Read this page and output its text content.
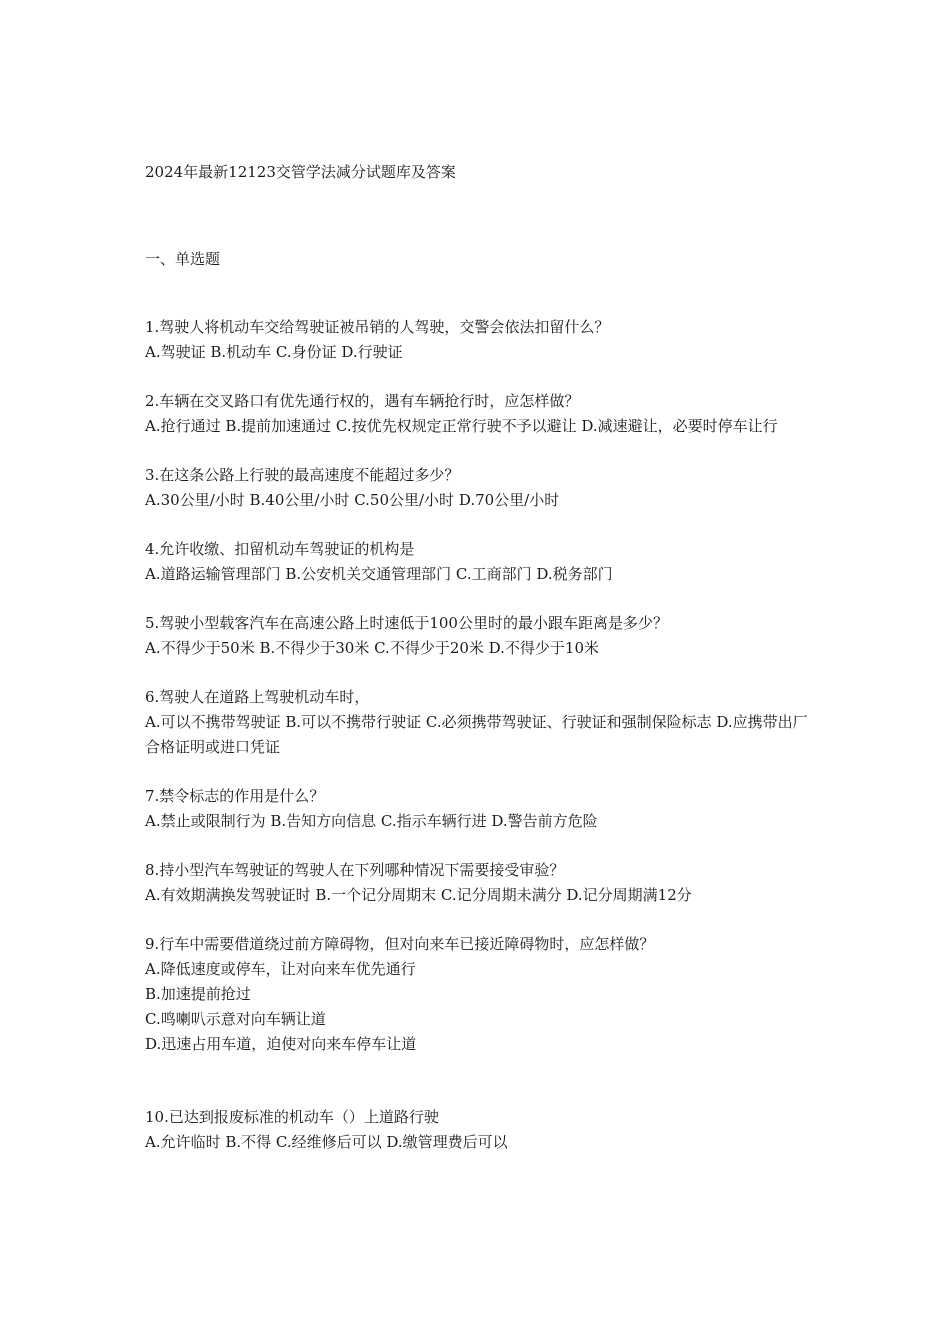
2024年最新12123交管学法减分试题库及答案
一、单选题
1.驾驶人将机动车交给驾驶证被吊销的人驾驶，交警会依法扣留什么？
A.驾驶证 B.机动车 C.身份证 D.行驶证
2.车辆在交叉路口有优先通行权的，遇有车辆抢行时，应怎样做？
A.抢行通过 B.提前加速通过 C.按优先权规定正常行驶不予以避让 D.减速避让，必要时停车让行
3.在这条公路上行驶的最高速度不能超过多少？
A.30公里/小时 B.40公里/小时 C.50公里/小时 D.70公里/小时
4.允许收缴、扣留机动车驾驶证的机构是
A.道路运输管理部门 B.公安机关交通管理部门 C.工商部门 D.税务部门
5.驾驶小型载客汽车在高速公路上时速低于100公里时的最小跟车距离是多少？
A.不得少于50米 B.不得少于30米 C.不得少于20米 D.不得少于10米
6.驾驶人在道路上驾驶机动车时，
A.可以不携带驾驶证 B.可以不携带行驶证 C.必须携带驾驶证、行驶证和强制保险标志 D.应携带出厂合格证明或进口凭证
7.禁令标志的作用是什么？
A.禁止或限制行为 B.告知方向信息 C.指示车辆行进 D.警告前方危险
8.持小型汽车驾驶证的驾驶人在下列哪种情况下需要接受审验？
A.有效期满换发驾驶证时 B.一个记分周期末 C.记分周期未满分 D.记分周期满12分
9.行车中需要借道绕过前方障碍物，但对向来车已接近障碍物时，应怎样做？
A.降低速度或停车，让对向来车优先通行
B.加速提前抢过
C.鸣喇叭示意对向车辆让道
D.迅速占用车道，迫使对向来车停车让道
10.已达到报废标准的机动车（）上道路行驶
A.允许临时 B.不得 C.经维修后可以 D.缴管理费后可以
